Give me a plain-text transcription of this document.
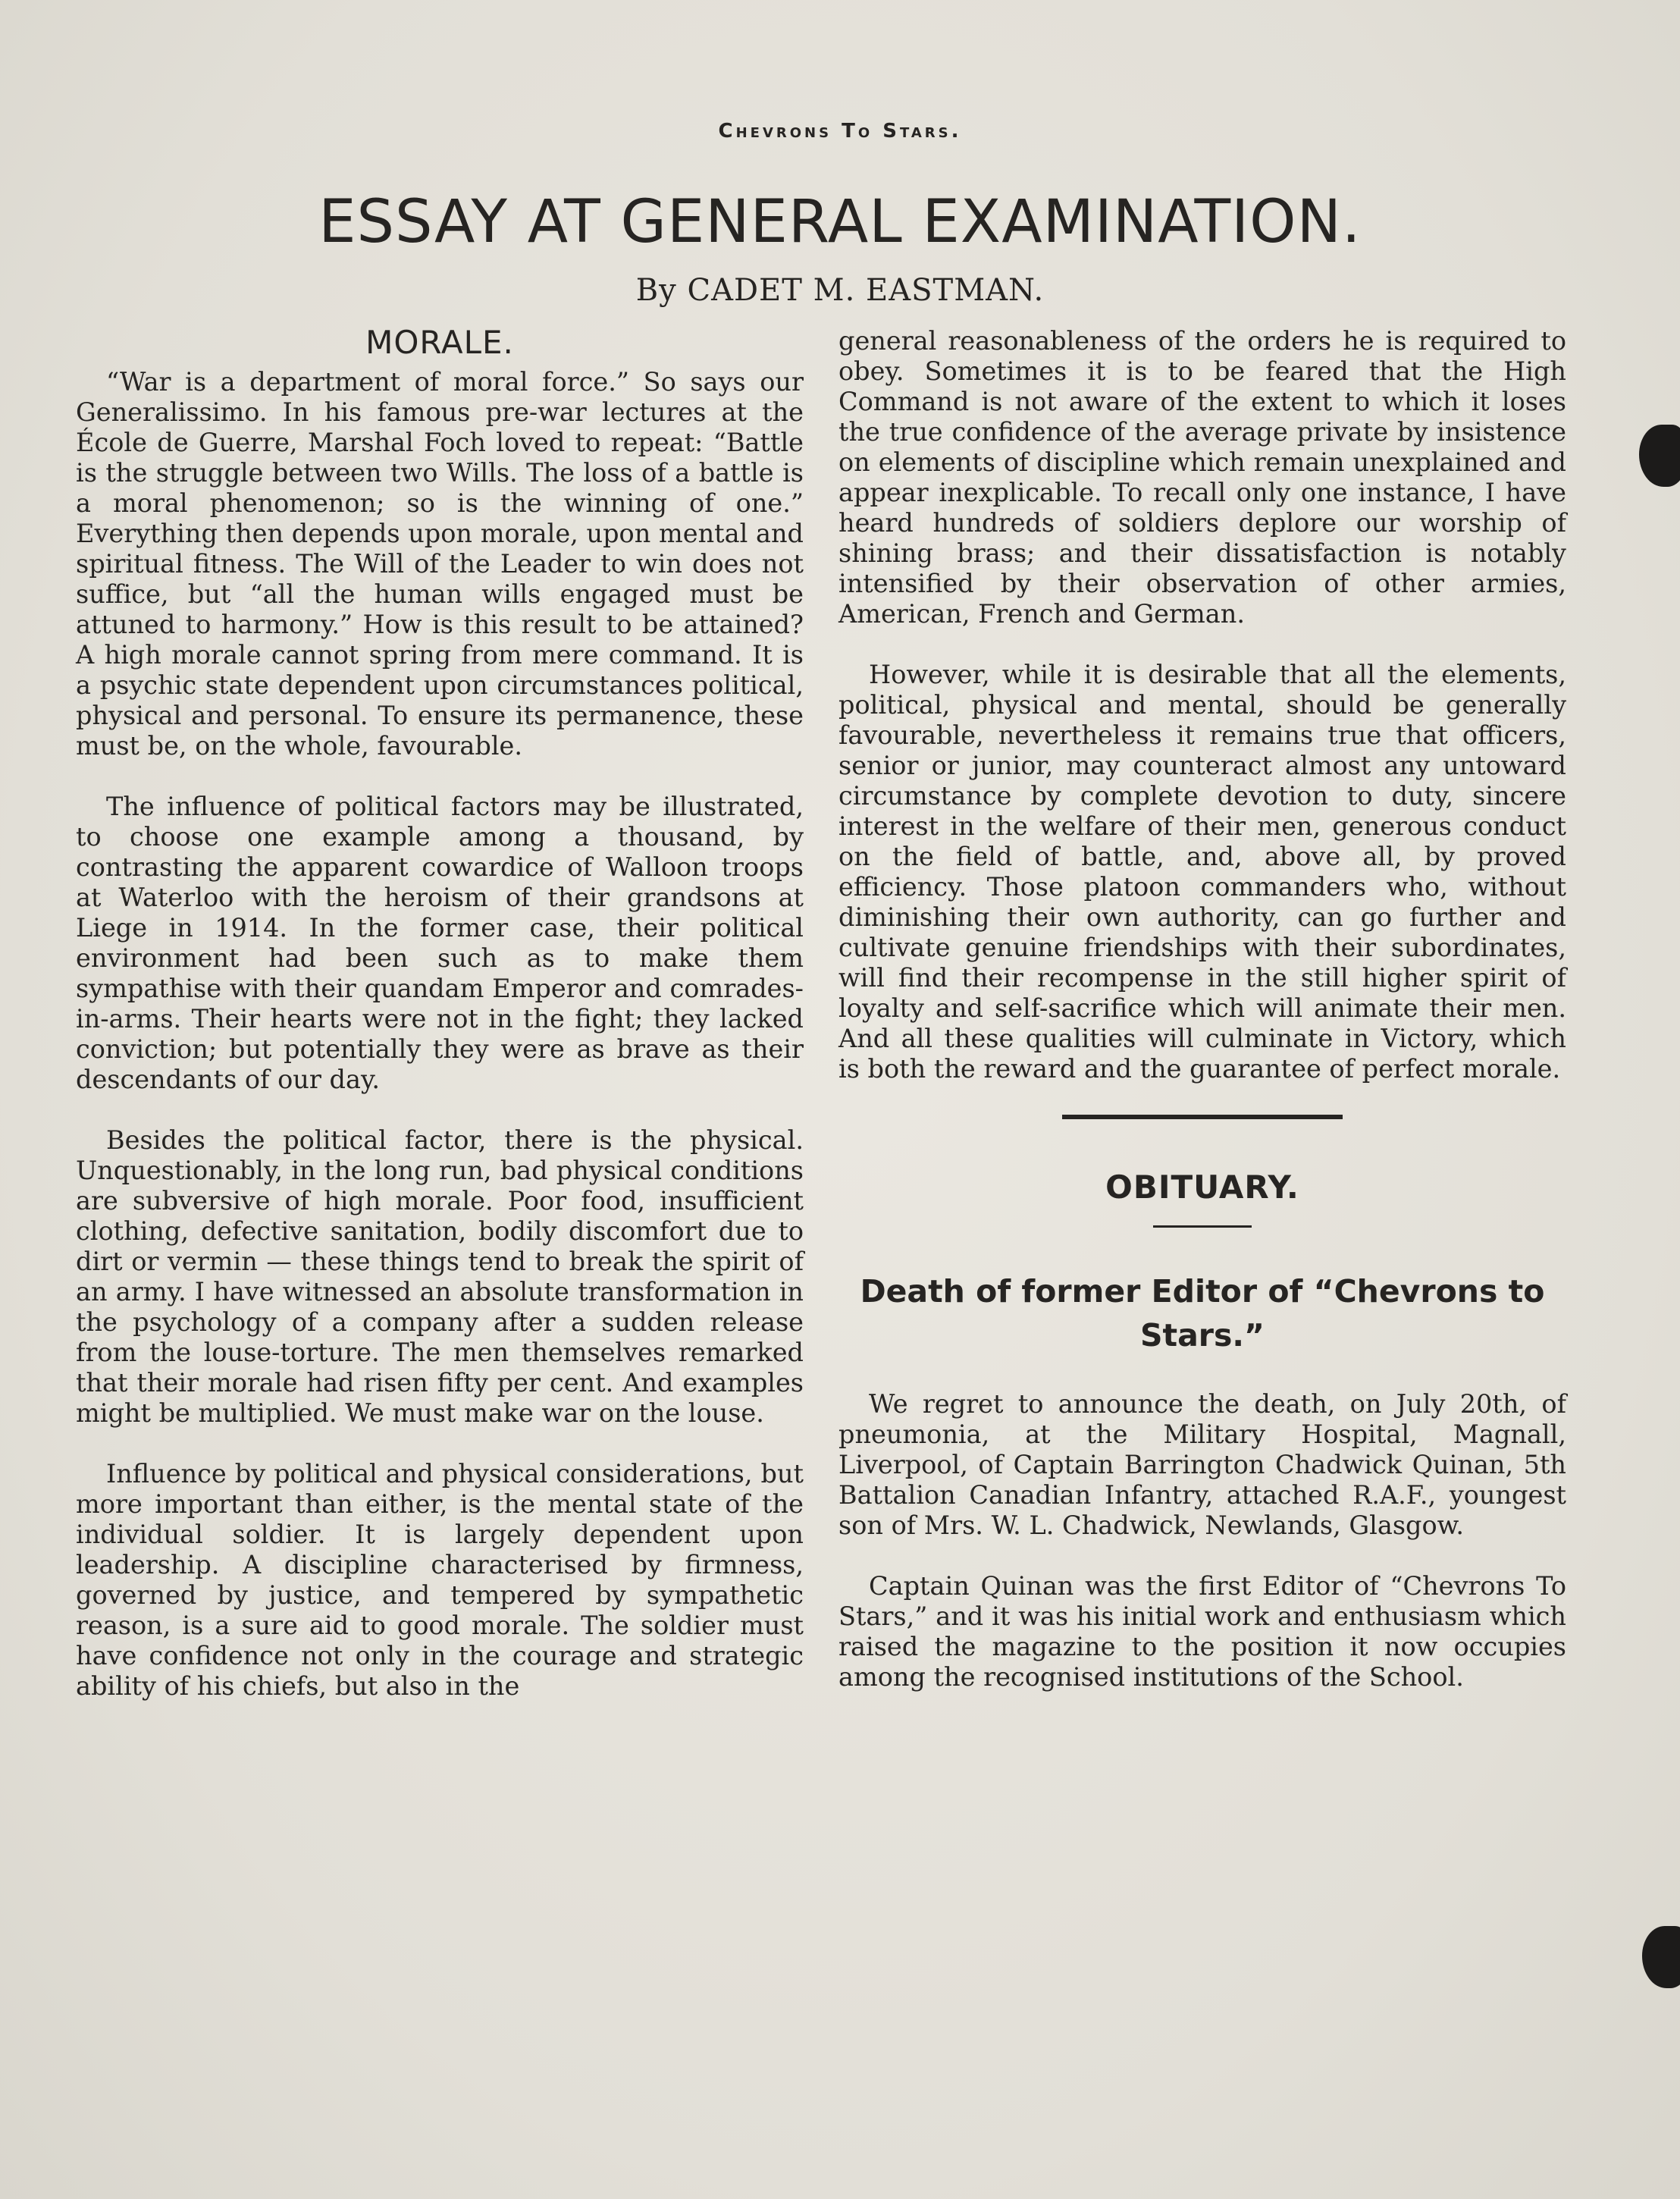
Chevrons To Stars.
ESSAY AT GENERAL EXAMINATION.
By CADET M. EASTMAN.
MORALE.

“War is a department of moral force.” So says our Generalissimo. In his famous pre-war lectures at the École de Guerre, Marshal Foch loved to repeat: “Battle is the struggle between two Wills. The loss of a battle is a moral phenomenon; so is the winning of one.” Everything then depends upon morale, upon mental and spiritual fitness. The Will of the Leader to win does not suffice, but “all the human wills engaged must be attuned to harmony.” How is this result to be attained? A high morale cannot spring from mere command. It is a psychic state dependent upon circumstances political, physical and personal. To ensure its permanence, these must be, on the whole, favourable.

The influence of political factors may be illustrated, to choose one example among a thousand, by contrasting the apparent cowardice of Walloon troops at Waterloo with the heroism of their grandsons at Liege in 1914. In the former case, their political environment had been such as to make them sympathise with their quandam Emperor and comrades-in-arms. Their hearts were not in the fight; they lacked conviction; but potentially they were as brave as their descendants of our day.

Besides the political factor, there is the physical. Unquestionably, in the long run, bad physical conditions are subversive of high morale. Poor food, insufficient clothing, defective sanitation, bodily discomfort due to dirt or vermin — these things tend to break the spirit of an army. I have witnessed an absolute transformation in the psychology of a company after a sudden release from the louse-torture. The men themselves remarked that their morale had risen fifty per cent. And examples might be multiplied. We must make war on the louse.

Influence by political and physical considerations, but more important than either, is the mental state of the individual soldier. It is largely dependent upon leadership. A discipline characterised by firmness, governed by justice, and tempered by sympathetic reason, is a sure aid to good morale. The soldier must have confidence not only in the courage and strategic ability of his chiefs, but also in the

general reasonableness of the orders he is required to obey. Sometimes it is to be feared that the High Command is not aware of the extent to which it loses the true confidence of the average private by insistence on elements of discipline which remain unexplained and appear inexplicable. To recall only one instance, I have heard hundreds of soldiers deplore our worship of shining brass; and their dissatisfaction is notably intensified by their observation of other armies, American, French and German.

However, while it is desirable that all the elements, political, physical and mental, should be generally favourable, nevertheless it remains true that officers, senior or junior, may counteract almost any untoward circumstance by complete devotion to duty, sincere interest in the welfare of their men, generous conduct on the field of battle, and, above all, by proved efficiency. Those platoon commanders who, without diminishing their own authority, can go further and cultivate genuine friendships with their subordinates, will find their recompense in the still higher spirit of loyalty and self-sacrifice which will animate their men. And all these qualities will culminate in Victory, which is both the reward and the guarantee of perfect morale.

OBITUARY.
Death of former Editor of “Chevrons to Stars.”

We regret to announce the death, on July 20th, of pneumonia, at the Military Hospital, Magnall, Liverpool, of Captain Barrington Chadwick Quinan, 5th Battalion Canadian Infantry, attached R.A.F., youngest son of Mrs. W. L. Chadwick, Newlands, Glasgow.

Captain Quinan was the first Editor of “Chevrons To Stars,” and it was his initial work and enthusiasm which raised the magazine to the position it now occupies among the recognised institutions of the School.
